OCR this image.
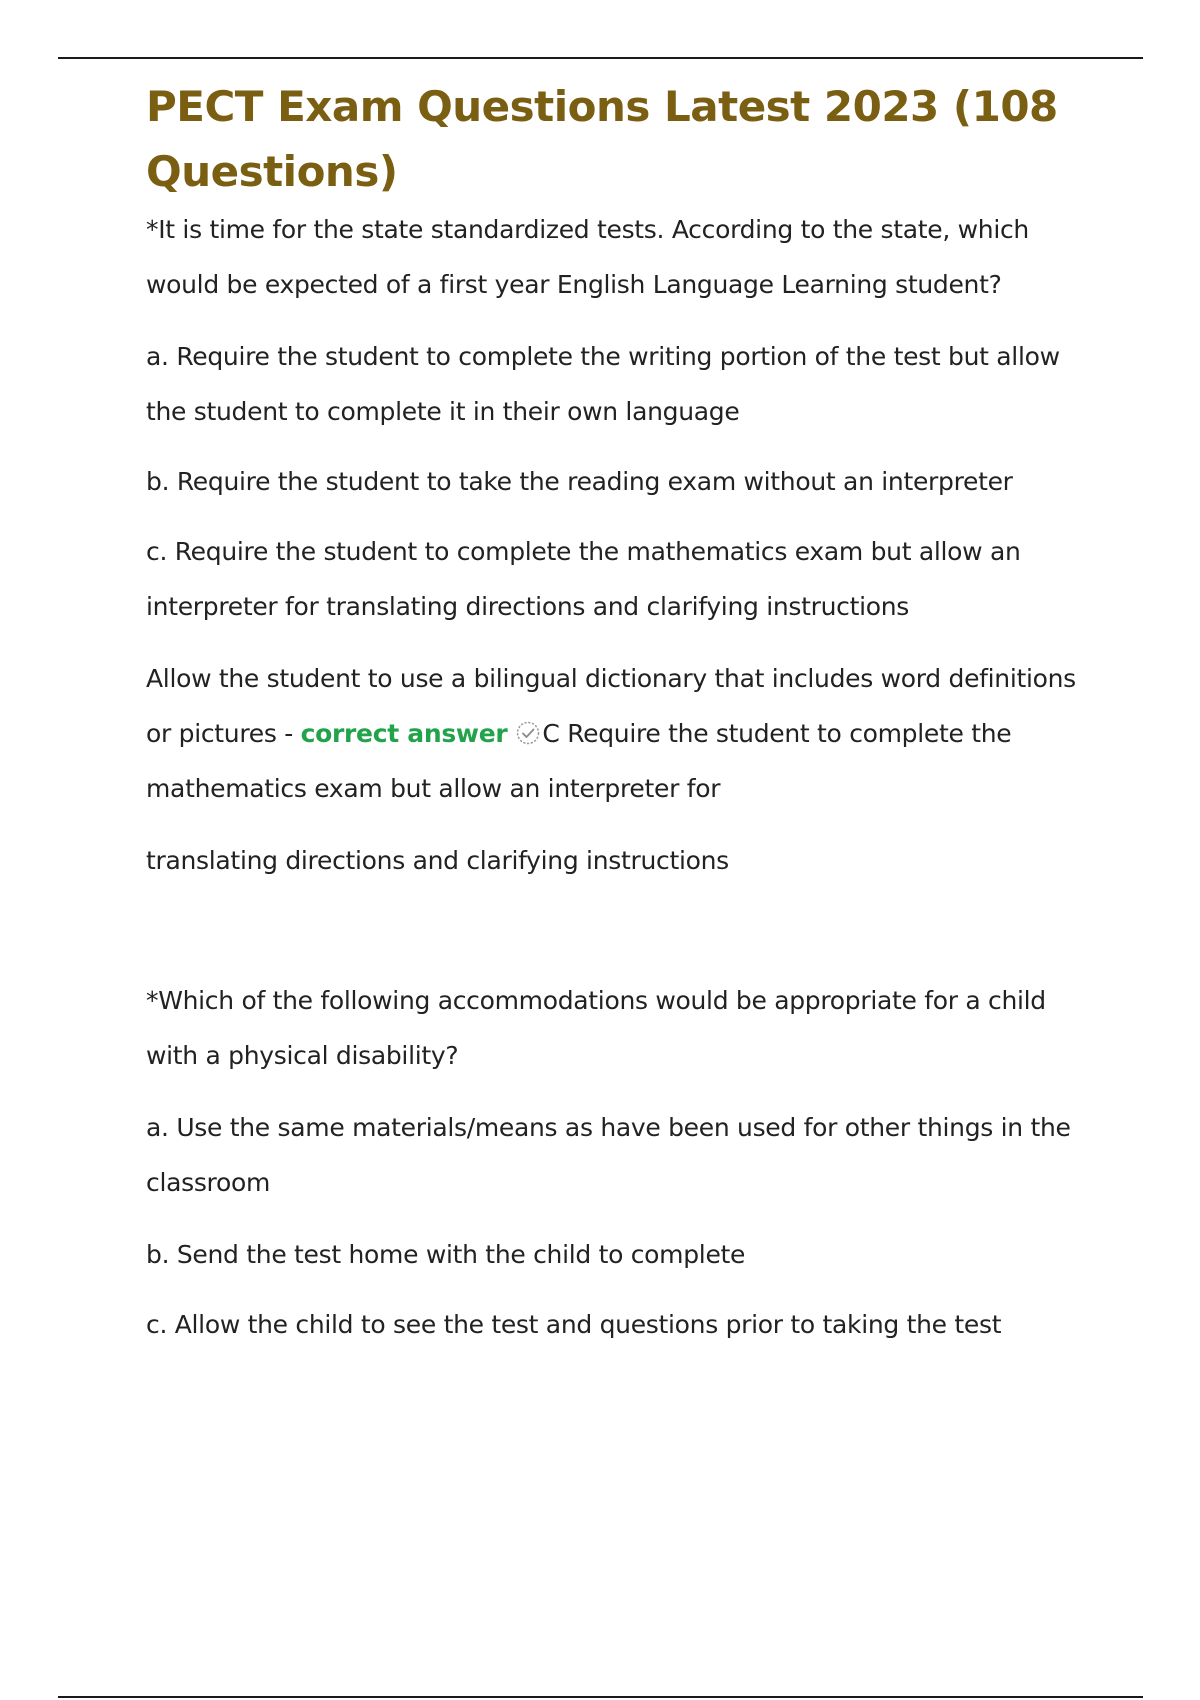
PECT Exam Questions Latest 2023 (108 Questions)

*It is time for the state standardized tests. According to the state, which would be expected of a first year English Language Learning student?

a. Require the student to complete the writing portion of the test but allow the student to complete it in their own language

b. Require the student to take the reading exam without an interpreter

c. Require the student to complete the mathematics exam but allow an interpreter for translating directions and clarifying instructions

Allow the student to use a bilingual dictionary that includes word definitions or pictures - correct answer C Require the student to complete the mathematics exam but allow an interpreter for

translating directions and clarifying instructions

*Which of the following accommodations would be appropriate for a child with a physical disability?

a. Use the same materials/means as have been used for other things in the classroom

b. Send the test home with the child to complete

c. Allow the child to see the test and questions prior to taking the test
